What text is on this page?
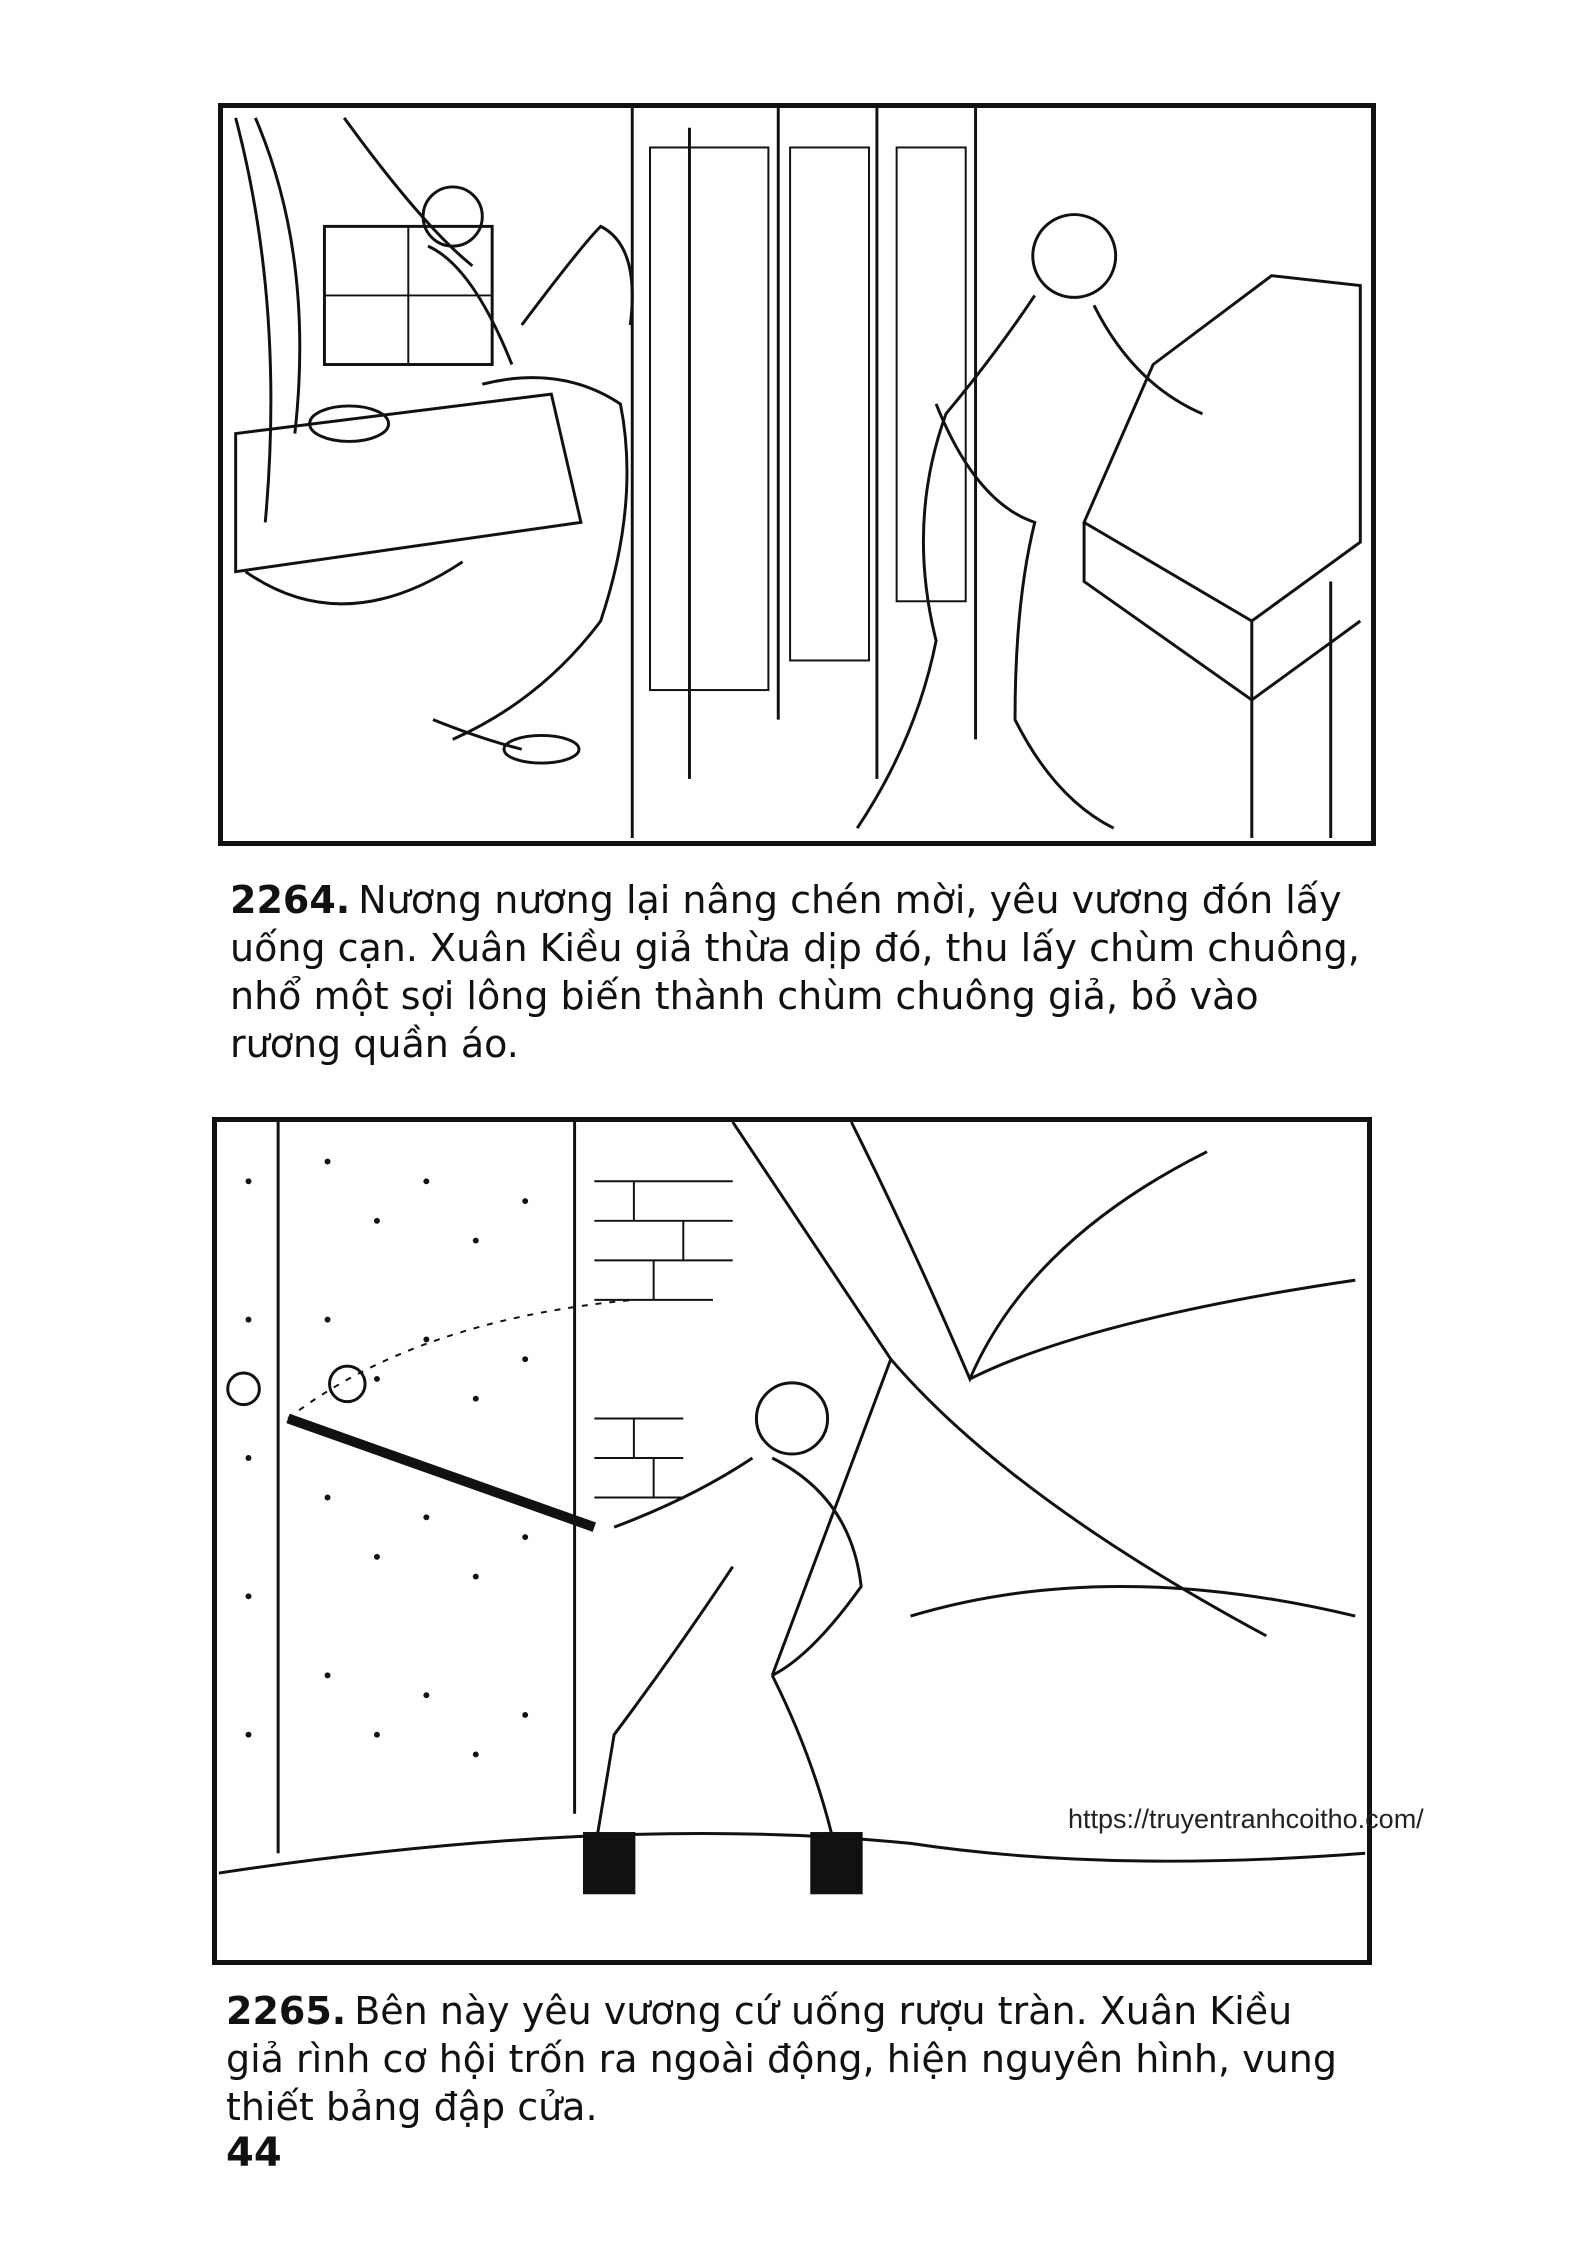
2264. Nương nương lại nâng chén mời, yêu vương đón lấy uống cạn. Xuân Kiều giả thừa dịp đó, thu lấy chùm chuông, nhổ một sợi lông biến thành chùm chuông giả, bỏ vào rương quần áo.
2265. Bên này yêu vương cứ uống rượu tràn. Xuân Kiều giả rình cơ hội trốn ra ngoài động, hiện nguyên hình, vung thiết bảng đập cửa.
https://truyentranhcoitho.com/
44
